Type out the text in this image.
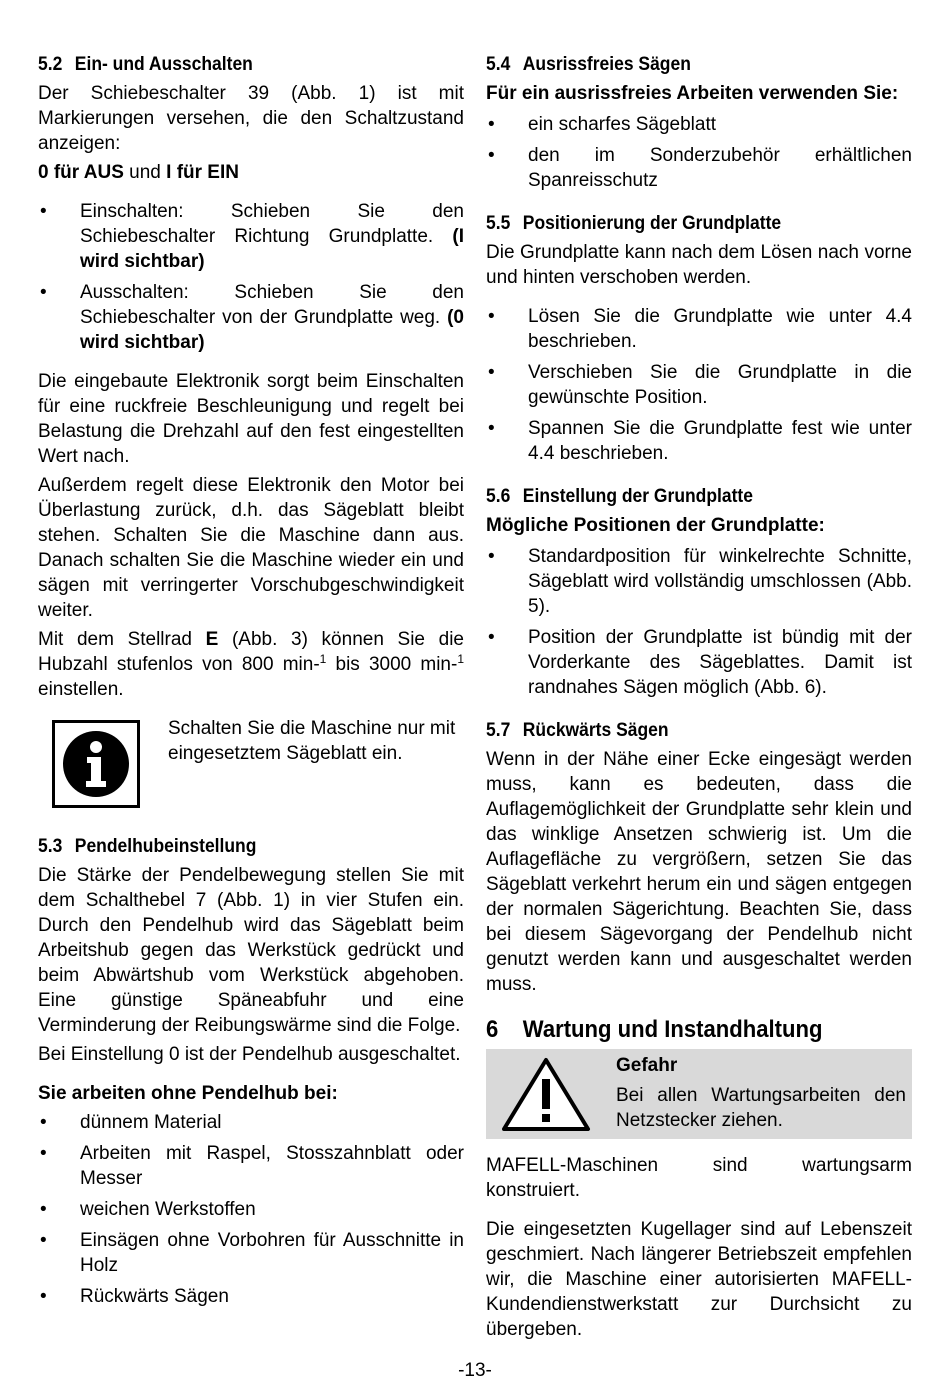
5.2 Ein- und Ausschalten

Der Schiebeschalter 39 (Abb. 1) ist mit Markierungen versehen, die den Schaltzustand anzeigen:

0 für AUS und I für EIN

• Einschalten: Schieben Sie den Schiebeschalter Richtung Grundplatte. (I wird sichtbar)
• Ausschalten: Schieben Sie den Schiebeschalter von der Grundplatte weg. (0 wird sichtbar)

Die eingebaute Elektronik sorgt beim Einschalten für eine ruckfreie Beschleunigung und regelt bei Belastung die Drehzahl auf den fest eingestellten Wert nach.

Außerdem regelt diese Elektronik den Motor bei Überlastung zurück, d.h. das Sägeblatt bleibt stehen. Schalten Sie die Maschine dann aus. Danach schalten Sie die Maschine wieder ein und sägen mit verringerter Vorschubgeschwindigkeit weiter.

Mit dem Stellrad E (Abb. 3) können Sie die Hubzahl stufenlos von 800 min-$^1$ bis 3000 min-$^1$ einstellen.

Schalten Sie die Maschine nur mit eingesetztem Sägeblatt ein.

5.3 Pendelhubeinstellung

Die Stärke der Pendelbewegung stellen Sie mit dem Schalthebel 7 (Abb. 1) in vier Stufen ein. Durch den Pendelhub wird das Sägeblatt beim Arbeitshub gegen das Werkstück gedrückt und beim Abwärtshub vom Werkstück abgehoben. Eine günstige Späneabfuhr und eine Verminderung der Reibungswärme sind die Folge.

Bei Einstellung 0 ist der Pendelhub ausgeschaltet.

Sie arbeiten ohne Pendelhub bei:

• dünnem Material
• Arbeiten mit Raspel, Stosszahnblatt oder Messer
• weichen Werkstoffen
• Einsägen ohne Vorbohren für Ausschnitte in Holz
• Rückwärts Sägen
5.4 Ausrissfreies Sägen

Für ein ausrissfreies Arbeiten verwenden Sie:

• ein scharfes Sägeblatt
• den im Sonderzubehör erhältlichen Spanreisschutz
5.5 Positionierung der Grundplatte

Die Grundplatte kann nach dem Lösen nach vorne und hinten verschoben werden.

• Lösen Sie die Grundplatte wie unter 4.4 beschrieben.
• Verschieben Sie die Grundplatte in die gewünschte Position.
• Spannen Sie die Grundplatte fest wie unter 4.4 beschrieben.
5.6 Einstellung der Grundplatte

Mögliche Positionen der Grundplatte:

• Standardposition für winkelrechte Schnitte, Sägeblatt wird vollständig umschlossen (Abb. 5).
• Position der Grundplatte ist bündig mit der Vorderkante des Sägeblattes. Damit ist randnahes Sägen möglich (Abb. 6).
5.7 Rückwärts Sägen

Wenn in der Nähe einer Ecke eingesägt werden muss, kann es bedeuten, dass die Auflagemöglichkeit der Grundplatte sehr klein und das winklige Ansetzen schwierig ist. Um die Auflagefläche zu vergrößern, setzen Sie das Sägeblatt verkehrt herum ein und sägen entgegen der normalen Sägerichtung. Beachten Sie, dass bei diesem Sägevorgang der Pendelhub nicht genutzt werden kann und ausgeschaltet werden muss.

6 Wartung und Instandhaltung

Gefahr

Bei allen Wartungsarbeiten den Netzstecker ziehen.

MAFELL-Maschinen sind wartungsarm konstruiert.

Die eingesetzten Kugellager sind auf Lebenszeit geschmiert. Nach längerer Betriebszeit empfehlen wir, die Maschine einer autorisierten MAFELL-Kundendienstwerkstatt zur Durchsicht zu übergeben.

-13-
